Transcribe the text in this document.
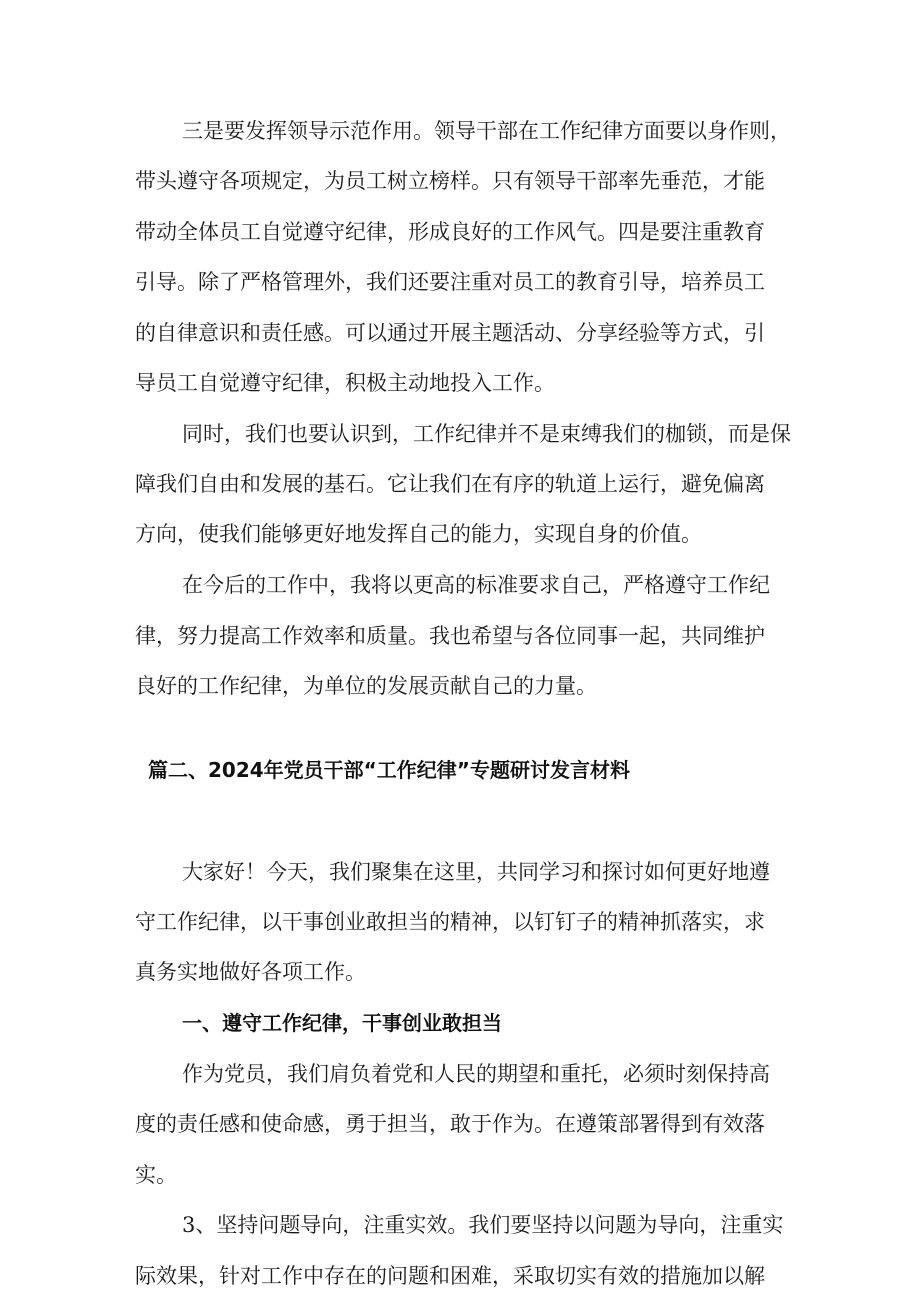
三是要发挥领导示范作用。领导干部在工作纪律方面要以身作则，

带头遵守各项规定，为员工树立榜样。只有领导干部率先垂范，才能

带动全体员工自觉遵守纪律，形成良好的工作风气。四是要注重教育

引导。除了严格管理外，我们还要注重对员工的教育引导，培养员工

的自律意识和责任感。可以通过开展主题活动、分享经验等方式，引

导员工自觉遵守纪律，积极主动地投入工作。

同时，我们也要认识到，工作纪律并不是束缚我们的枷锁，而是保

障我们自由和发展的基石。它让我们在有序的轨道上运行，避免偏离

方向，使我们能够更好地发挥自己的能力，实现自身的价值。

在今后的工作中，我将以更高的标准要求自己，严格遵守工作纪

律，努力提高工作效率和质量。我也希望与各位同事一起，共同维护

良好的工作纪律，为单位的发展贡献自己的力量。

篇二、2024年党员干部“工作纪律”专题研讨发言材料

大家好！今天，我们聚集在这里，共同学习和探讨如何更好地遵

守工作纪律，以干事创业敢担当的精神，以钉钉子的精神抓落实，求

真务实地做好各项工作。

一、遵守工作纪律，干事创业敢担当

作为党员，我们肩负着党和人民的期望和重托，必须时刻保持高

度的责任感和使命感，勇于担当，敢于作为。在遵策部署得到有效落

实。

3、坚持问题导向，注重实效。我们要坚持以问题为导向，注重实

际效果，针对工作中存在的问题和困难，采取切实有效的措施加以解
